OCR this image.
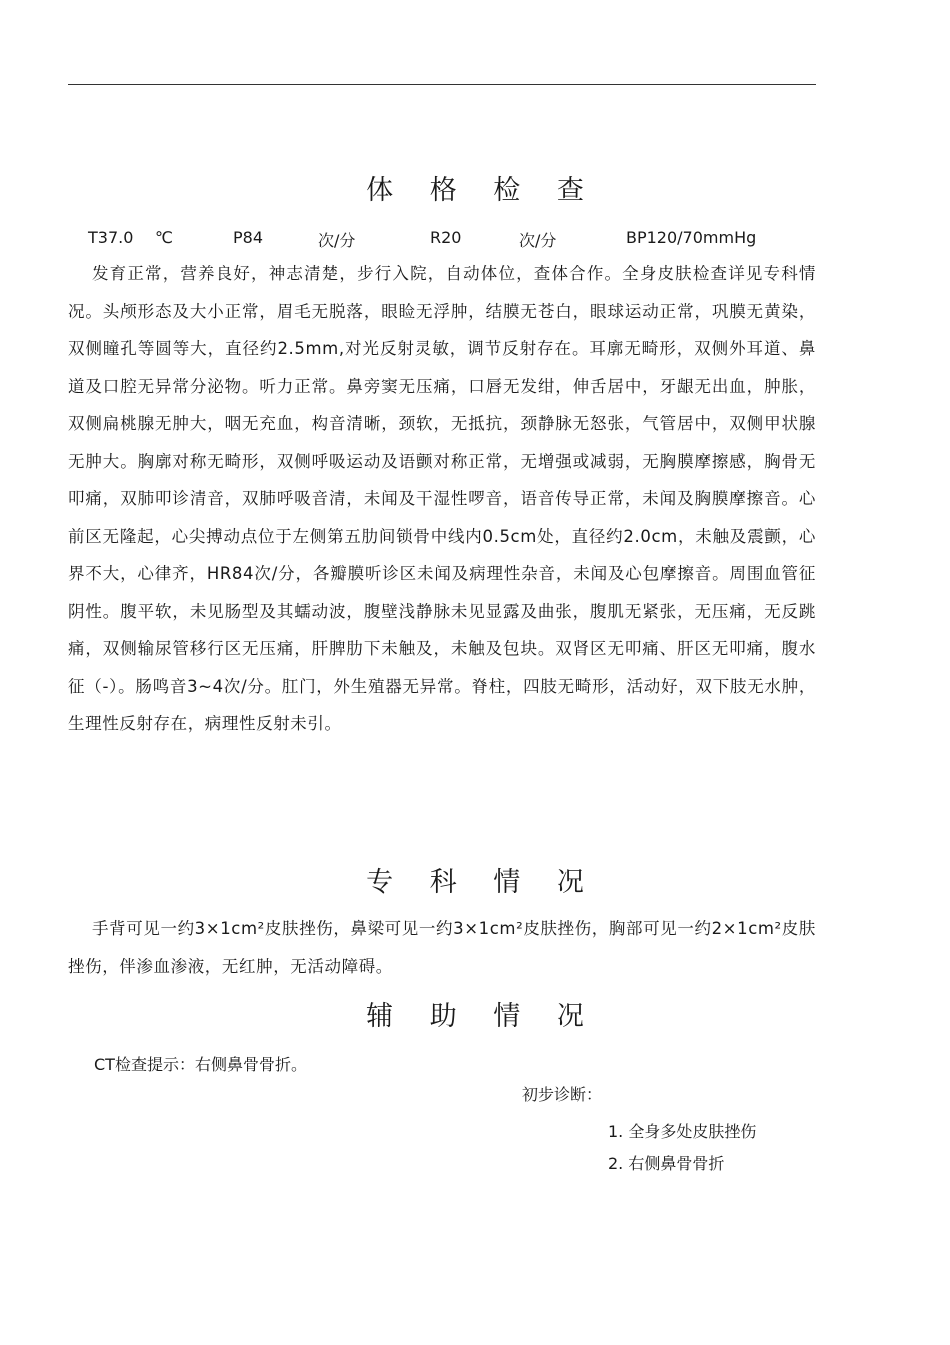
体 格 检 查
T37.0 ℃	P84	次/分	R20	次/分	BP120/70mmHg

发育正常，营养良好，神志清楚，步行入院，自动体位，查体合作。全身皮肤检查详见专科情况。头颅形态及大小正常，眉毛无脱落，眼睑无浮肿，结膜无苍白，眼球运动正常，巩膜无黄染，双侧瞳孔等圆等大，直径约2.5mm,对光反射灵敏，调节反射存在。耳廓无畸形，双侧外耳道、鼻道及口腔无异常分泌物。听力正常。鼻旁窦无压痛，口唇无发绀，伸舌居中，牙龈无出血，肿胀，双侧扁桃腺无肿大，咽无充血，构音清晰，颈软，无抵抗，颈静脉无怒张，气管居中，双侧甲状腺无肿大。胸廓对称无畸形，双侧呼吸运动及语颤对称正常，无增强或减弱，无胸膜摩擦感，胸骨无叩痛，双肺叩诊清音，双肺呼吸音清，未闻及干湿性啰音，语音传导正常，未闻及胸膜摩擦音。心前区无隆起，心尖搏动点位于左侧第五肋间锁骨中线内0.5cm处，直径约2.0cm，未触及震颤，心界不大，心律齐，HR84次/分，各瓣膜听诊区未闻及病理性杂音，未闻及心包摩擦音。周围血管征阴性。腹平软，未见肠型及其蠕动波，腹壁浅静脉未见显露及曲张，腹肌无紧张，无压痛，无反跳痛，双侧输尿管移行区无压痛，肝脾肋下未触及，未触及包块。双肾区无叩痛、肝区无叩痛，腹水征（-）。肠鸣音3~4次/分。肛门，外生殖器无异常。脊柱，四肢无畸形，活动好，双下肢无水肿，生理性反射存在，病理性反射未引。

专 科 情 况

手背可见一约3×1cm²皮肤挫伤，鼻梁可见一约3×1cm²皮肤挫伤，胸部可见一约2×1cm²皮肤挫伤，伴渗血渗液，无红肿，无活动障碍。

辅 助 情 况

CT检查提示：右侧鼻骨骨折。

初步诊断：
1. 全身多处皮肤挫伤
2. 右侧鼻骨骨折
